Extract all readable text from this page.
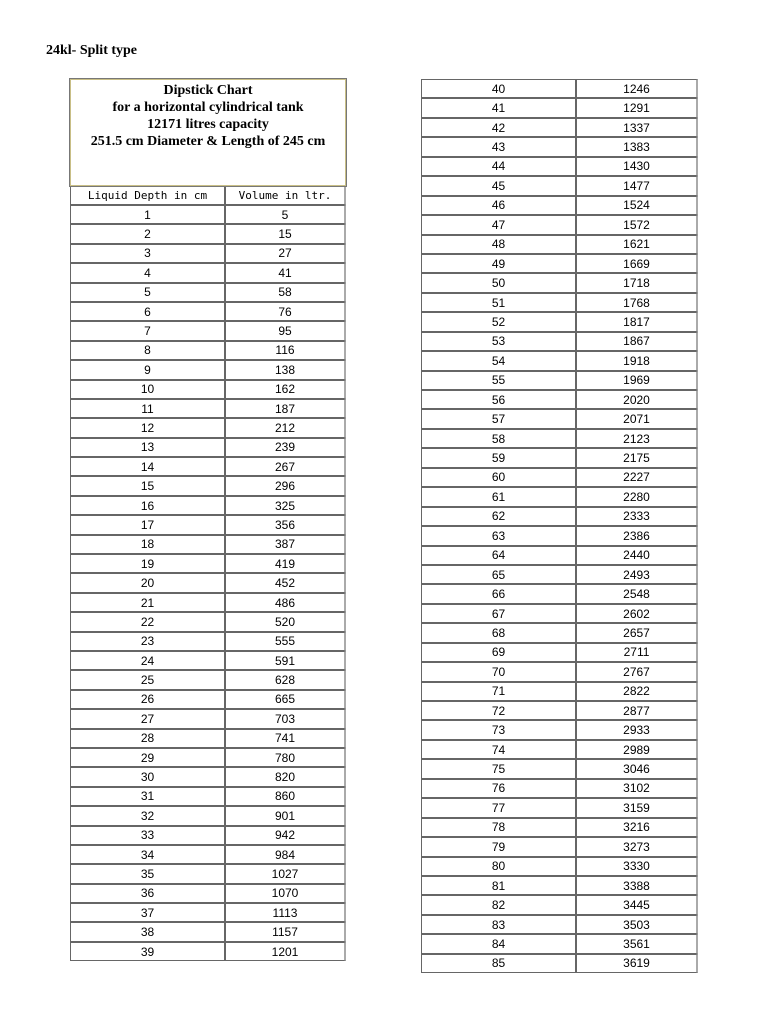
24kl- Split type
Dipstick Chart
for a horizontal cylindrical tank
12171 litres capacity
251.5 cm Diameter & Length of 245 cm
Liquid Depth in cm	Volume in ltr.
1	5
2	15
3	27
4	41
5	58
6	76
7	95
8	116
9	138
10	162
11	187
12	212
13	239
14	267
15	296
16	325
17	356
18	387
19	419
20	452
21	486
22	520
23	555
24	591
25	628
26	665
27	703
28	741
29	780
30	820
31	860
32	901
33	942
34	984
35	1027
36	1070
37	1113
38	1157
39	1201
40	1246
41	1291
42	1337
43	1383
44	1430
45	1477
46	1524
47	1572
48	1621
49	1669
50	1718
51	1768
52	1817
53	1867
54	1918
55	1969
56	2020
57	2071
58	2123
59	2175
60	2227
61	2280
62	2333
63	2386
64	2440
65	2493
66	2548
67	2602
68	2657
69	2711
70	2767
71	2822
72	2877
73	2933
74	2989
75	3046
76	3102
77	3159
78	3216
79	3273
80	3330
81	3388
82	3445
83	3503
84	3561
85	3619
